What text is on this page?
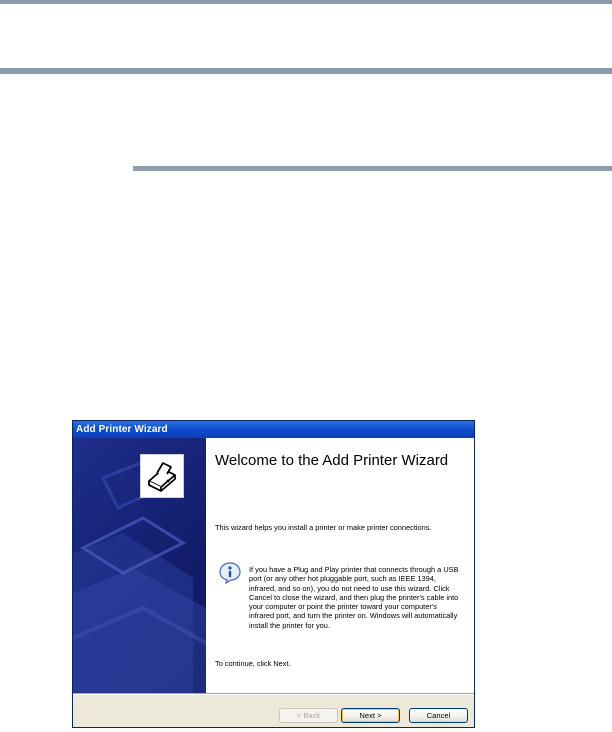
Add Printer Wizard
Welcome to the Add Printer Wizard
This wizard helps you install a printer or make printer connections.
If you have a Plug and Play printer that connects through a USB port (or any other hot pluggable port, such as IEEE 1394, infrared, and so on), you do not need to use this wizard. Click Cancel to close the wizard, and then plug the printer's cable into your computer or point the printer toward your computer's infrared port, and turn the printer on. Windows will automatically install the printer for you.
To continue, click Next.
< Back	Next >	Cancel
